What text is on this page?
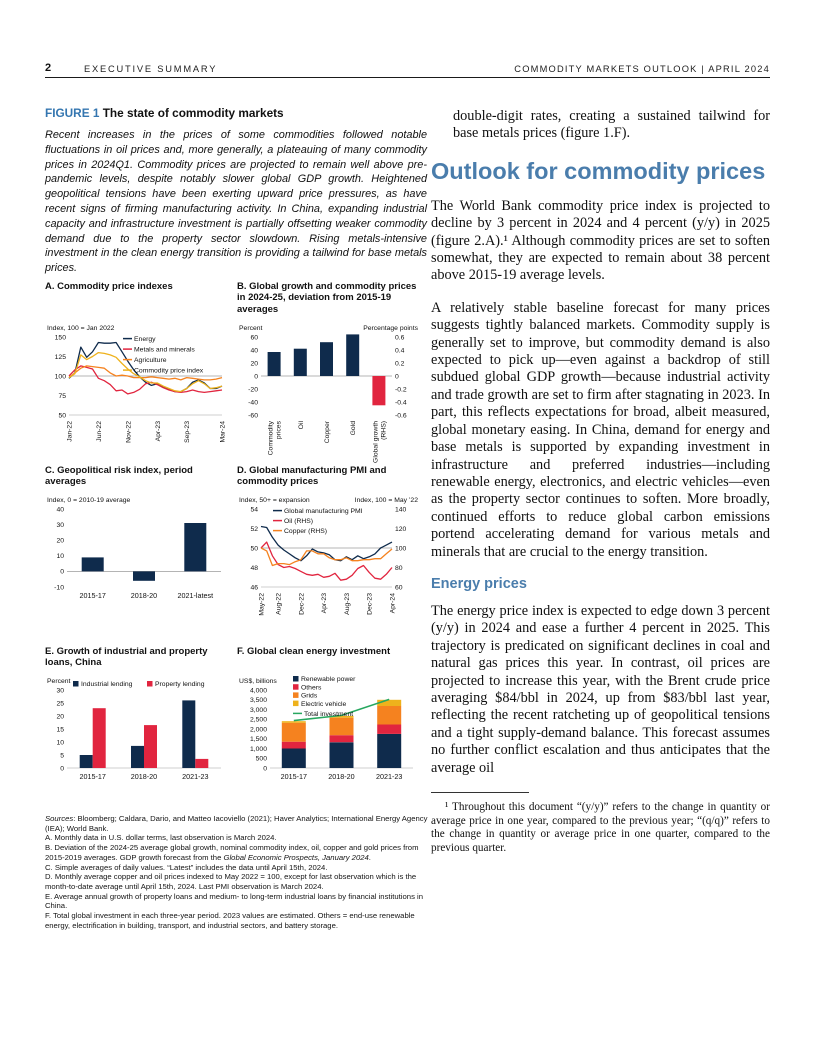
2	EXECUTIVE SUMMARY	COMMODITY MARKETS OUTLOOK | APRIL 2024
FIGURE 1 The state of commodity markets
Recent increases in the prices of some commodities followed notable fluctuations in oil prices and, more generally, a plateauing of many commodity prices in 2024Q1. Commodity prices are projected to remain well above pre-pandemic levels, despite notably slower global GDP growth. Heightened geopolitical tensions have been exerting upward price pressures, as have recent signs of firming manufacturing activity. In China, expanding industrial capacity and infrastructure investment is partially offsetting weaker commodity demand due to the property sector slowdown. Rising metals-intensive investment in the clean energy transition is providing a tailwind for base metals prices.
A. Commodity price indexes
Index, 100 = Jan 2022
150
125
100
75
50
Jan-22	Jun-22	Nov-22	Apr-23	Sep-23	Mar-24
Energy
Metals and minerals
Agriculture
Commodity price index
B. Global growth and commodity prices in 2024-25, deviation from 2015-19 averages
Percent	Percentage points
60
40
20
0
-20
-40
-60
0.6
0.4
0.2
0
-0.2
-0.4
-0.6
Commodity prices Oil	Copper	Gold Global growth (RHS)
C. Geopolitical risk index, period averages
Index, 0 = 2010-19 average
40
30
20
10
0
-10
2015-17	2018-20	2021-latest
D. Global manufacturing PMI and commodity prices
Index, 50+ = expansion	Index, 100 = May ’22
54
52
50
48
46
140
120
100
80
60
May-22 Aug-22 Dec-22 Apr-23 Aug-23 Dec-23 Apr-24
Global manufacturing PMI
Oil (RHS)
Copper (RHS)
E. Growth of industrial and property loans, China
Percent
30
25
20
15
10
5
0
2015-17	2018-20	2021-23
Industrial lending	Property lending
F. Global clean energy investment
US$, billions
4,000
3,500
3,000
2,500
2,000
1,500
1,000
500
0
2015-17	2018-20	2021-23
Renewable power
Others
Grids
Electric vehicle
Total investment
Sources: Bloomberg; Caldara, Dario, and Matteo Iacoviello (2021); Haver Analytics; International Energy Agency (IEA); World Bank.
A. Monthly data in U.S. dollar terms, last observation is March 2024.
B. Deviation of the 2024-25 average global growth, nominal commodity index, oil, copper and gold prices from 2015-2019 averages. GDP growth forecast from the Global Economic Prospects, January 2024.
C. Simple averages of daily values. “Latest” includes the data until April 15th, 2024.
D. Monthly average copper and oil prices indexed to May 2022 = 100, except for last observation which is the month-to-date average until April 15th, 2024. Last PMI observation is March 2024.
E. Average annual growth of property loans and medium- to long-term industrial loans by financial institutions in China.
F. Total global investment in each three-year period. 2023 values are estimated. Others = end-use renewable energy, electrification in building, transport, and industrial sectors, and battery storage.

double-digit rates, creating a sustained tailwind for base metals prices (figure 1.F).

Outlook for commodity prices

The World Bank commodity price index is projected to decline by 3 percent in 2024 and 4 percent (y/y) in 2025 (figure 2.A).¹ Although commodity prices are set to soften somewhat, they are expected to remain about 38 percent above 2015-19 average levels.

A relatively stable baseline forecast for many prices suggests tightly balanced markets. Commodity supply is generally set to improve, but commodity demand is also expected to pick up—even against a backdrop of still subdued global GDP growth—because industrial activity and trade growth are set to firm after stagnating in 2023. In part, this reflects expectations for broad, albeit measured, global monetary easing. In China, demand for energy and base metals is supported by expanding investment in infrastructure and preferred industries—including renewable energy, electronics, and electric vehicles—even as the property sector continues to soften. More broadly, continued efforts to reduce global carbon emissions portend accelerating demand for various metals and minerals that are crucial to the energy transition.

Energy prices

The energy price index is expected to edge down 3 percent (y/y) in 2024 and ease a further 4 percent in 2025. This trajectory is predicated on significant declines in coal and natural gas prices this year. In contrast, oil prices are projected to increase this year, with the Brent crude price averaging $84/bbl in 2024, up from $83/bbl last year, reflecting the recent ratcheting up of geopolitical tensions and a tight supply-demand balance. This forecast assumes no further conflict escalation and thus anticipates that the average oil

¹ Throughout this document “(y/y)” refers to the change in quantity or average price in one year, compared to the previous year; “(q/q)” refers to the change in quantity or average price in one quarter, compared to the previous quarter.
